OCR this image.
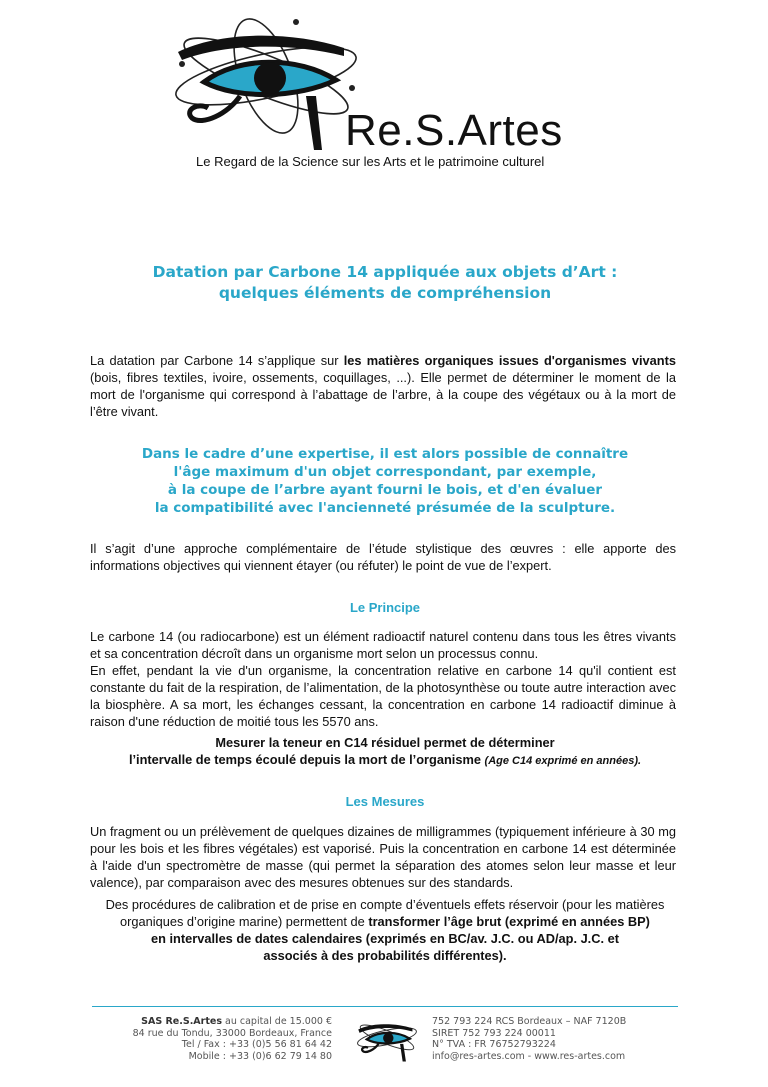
Re.S.Artes
Le Regard de la Science sur les Arts et le patrimoine culturel
Datation par Carbone 14 appliquée aux objets d’Art :
quelques éléments de compréhension
La datation par Carbone 14 s’applique sur les matières organiques issues d'organismes vivants (bois, fibres textiles, ivoire, ossements, coquillages, ...). Elle permet de déterminer le moment de la mort de l'organisme qui correspond à l’abattage de l’arbre, à la coupe des végétaux ou à la mort de l’être vivant.
Dans le cadre d’une expertise, il est alors possible de connaître
l'âge maximum d'un objet correspondant, par exemple,
à la coupe de l’arbre ayant fourni le bois, et d'en évaluer
la compatibilité avec l'ancienneté présumée de la sculpture.
Il s’agit d’une approche complémentaire de l’étude stylistique des œuvres : elle apporte des informations objectives qui viennent étayer (ou réfuter) le point de vue de l’expert.
Le Principe
Le carbone 14 (ou radiocarbone) est un élément radioactif naturel contenu dans tous les êtres vivants et sa concentration décroît dans un organisme mort selon un processus connu.
En effet, pendant la vie d'un organisme, la concentration relative en carbone 14 qu'il contient est constante du fait de la respiration, de l’alimentation, de la photosynthèse ou toute autre interaction avec la biosphère. A sa mort, les échanges cessant, la concentration en carbone 14 radioactif diminue à raison d'une réduction de moitié tous les 5570 ans.
Mesurer la teneur en C14 résiduel permet de déterminer
l’intervalle de temps écoulé depuis la mort de l’organisme (Age C14 exprimé en années).
Les Mesures
Un fragment ou un prélèvement de quelques dizaines de milligrammes (typiquement inférieure à 30 mg pour les bois et les fibres végétales) est vaporisé. Puis la concentration en carbone 14 est déterminée à l'aide d'un spectromètre de masse (qui permet la séparation des atomes selon leur masse et leur valence), par comparaison avec des mesures obtenues sur des standards.
Des procédures de calibration et de prise en compte d’éventuels effets réservoir (pour les matières
organiques d’origine marine) permettent de transformer l’âge brut (exprimé en années BP)
en intervalles de dates calendaires (exprimés en BC/av. J.C. ou AD/ap. J.C. et
associés à des probabilités différentes).
SAS Re.S.Artes au capital de 15.000 €
84 rue du Tondu, 33000 Bordeaux, France
Tel / Fax : +33 (0)5 56 81 64 42
Mobile : +33 (0)6 62 79 14 80
752 793 224 RCS Bordeaux – NAF 7120B
SIRET 752 793 224 00011
N° TVA : FR 76752793224
info@res-artes.com - www.res-artes.com
